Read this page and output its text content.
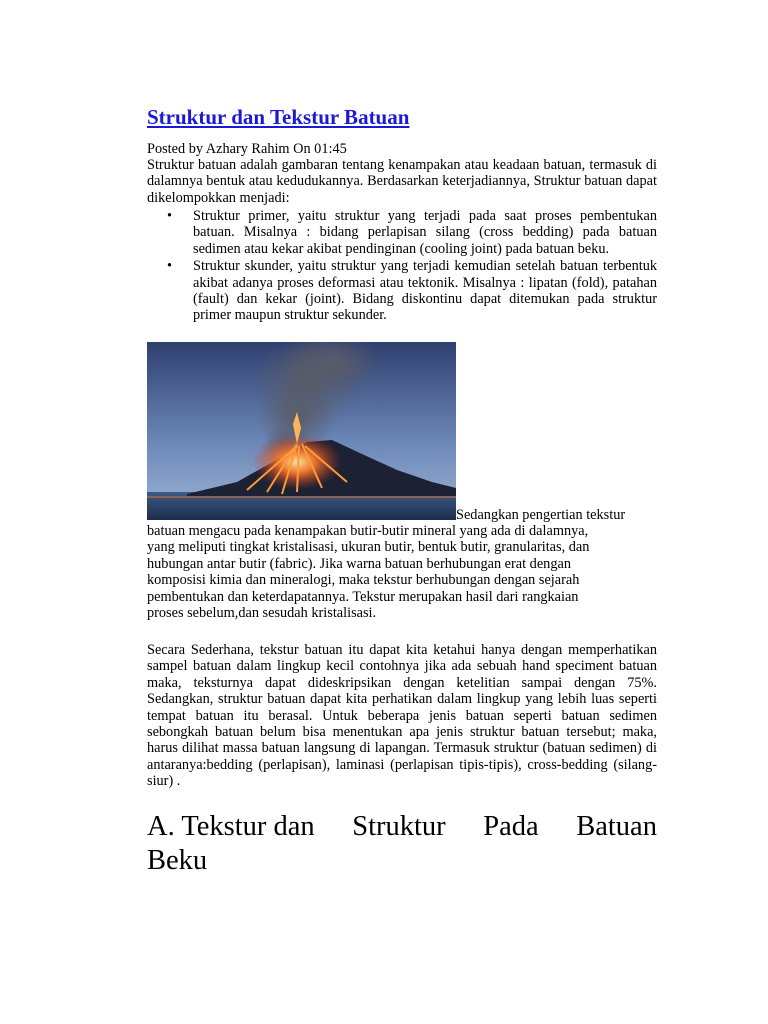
Struktur dan Tekstur Batuan
Posted by Azhary Rahim On 01:45
Struktur batuan adalah gambaran tentang kenampakan atau keadaan batuan, termasuk di dalamnya bentuk atau kedudukannya. Berdasarkan keterjadiannya, Struktur batuan dapat dikelompokkan menjadi:
• Struktur primer, yaitu struktur yang terjadi pada saat proses pembentukan batuan. Misalnya : bidang perlapisan silang (cross bedding) pada batuan sedimen atau kekar akibat pendinginan (cooling joint) pada batuan beku.
• Struktur skunder, yaitu struktur yang terjadi kemudian setelah batuan terbentuk akibat adanya proses deformasi atau tektonik. Misalnya : lipatan (fold), patahan (fault) dan kekar (joint). Bidang diskontinu dapat ditemukan pada struktur primer maupun struktur sekunder.
Sedangkan pengertian tekstur
batuan mengacu pada kenampakan butir-butir mineral yang ada di dalamnya, yang meliputi tingkat kristalisasi, ukuran butir, bentuk butir, granularitas, dan hubungan antar butir (fabric). Jika warna batuan berhubungan erat dengan komposisi kimia dan mineralogi, maka tekstur berhubungan dengan sejarah pembentukan dan keterdapatannya. Tekstur merupakan hasil dari rangkaian proses sebelum,dan sesudah kristalisasi.
Secara Sederhana, tekstur batuan itu dapat kita ketahui hanya dengan memperhatikan sampel batuan dalam lingkup kecil contohnya jika ada sebuah hand speciment batuan maka, teksturnya dapat dideskripsikan dengan ketelitian sampai dengan 75%. Sedangkan, struktur batuan dapat kita perhatikan dalam lingkup yang lebih luas seperti tempat batuan itu berasal. Untuk beberapa jenis batuan seperti batuan sedimen sebongkah batuan belum bisa menentukan apa jenis struktur batuan tersebut; maka, harus dilihat massa batuan langsung di lapangan. Termasuk struktur (batuan sedimen) di antaranya:bedding (perlapisan), laminasi (perlapisan tipis-tipis), cross-bedding (silang-siur) .
A. Tekstur dan Struktur Pada Batuan
Beku
